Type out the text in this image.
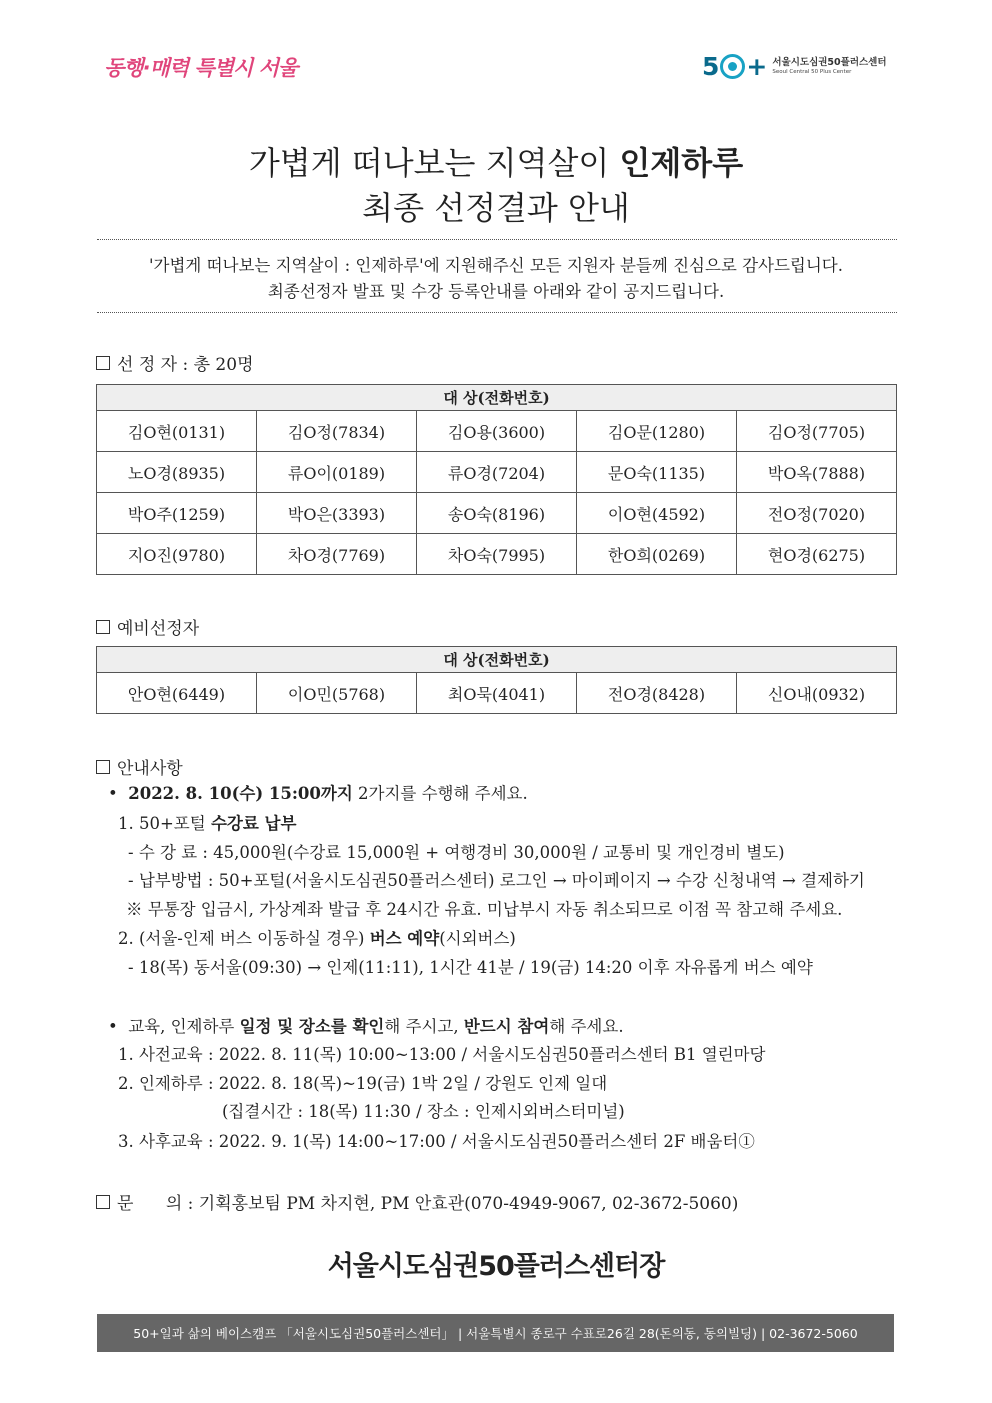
동행·매력 특별시 서울	5 + 서울시도심권50플러스센터
Seoul Central 50 Plus Center
가볍게 떠나보는 지역살이 인제하루
최종 선정결과 안내
'가볍게 떠나보는 지역살이 : 인제하루'에 지원해주신 모든 지원자 분들께 진심으로 감사드립니다.
최종선정자 발표 및 수강 등록안내를 아래와 같이 공지드립니다.
선 정 자 : 총 20명
대 상(전화번호)				
김O현(0131)	김O정(7834)	김O용(3600)	김O문(1280)	김O정(7705)
노O경(8935)	류O이(0189)	류O경(7204)	문O숙(1135)	박O옥(7888)
박O주(1259)	박O은(3393)	송O숙(8196)	이O현(4592)	전O정(7020)
지O진(9780)	차O경(7769)	차O숙(7995)	한O희(0269)	현O경(6275)
예비선정자
대 상(전화번호)
안O현(6449)	이O민(5768)	최O묵(4041)	전O경(8428)	신O내(0932)
안내사항
•  2022. 8. 10(수) 15:00까지 2가지를 수행해 주세요.
1. 50+포털 수강료 납부
- 수 강 료 : 45,000원(수강료 15,000원 + 여행경비 30,000원 / 교통비 및 개인경비 별도)
- 납부방법 : 50+포털(서울시도심권50플러스센터) 로그인 → 마이페이지 → 수강 신청내역 → 결제하기
※ 무통장 입금시, 가상계좌 발급 후 24시간 유효. 미납부시 자동 취소되므로 이점 꼭 참고해 주세요.
2. (서울-인제 버스 이동하실 경우) 버스 예약(시외버스)
- 18(목) 동서울(09:30) → 인제(11:11), 1시간 41분 / 19(금) 14:20 이후 자유롭게 버스 예약
•  교육, 인제하루 일정 및 장소를 확인해 주시고, 반드시 참여해 주세요.
1. 사전교육 : 2022. 8. 11(목) 10:00~13:00 / 서울시도심권50플러스센터 B1 열린마당
2. 인제하루 : 2022. 8. 18(목)~19(금) 1박 2일 / 강원도 인제 일대
(집결시간 : 18(목) 11:30 / 장소 : 인제시외버스터미널)
3. 사후교육 : 2022. 9. 1(목) 14:00~17:00 / 서울시도심권50플러스센터 2F 배움터①
문      의 : 기획홍보팀 PM 차지현, PM 안효관(070-4949-9067, 02-3672-5060)
서울시도심권50플러스센터장
50+일과 삶의 베이스캠프 「서울시도심권50플러스센터」 | 서울특별시 종로구 수표로26길 28(돈의동, 동의빌딩) | 02-3672-5060
